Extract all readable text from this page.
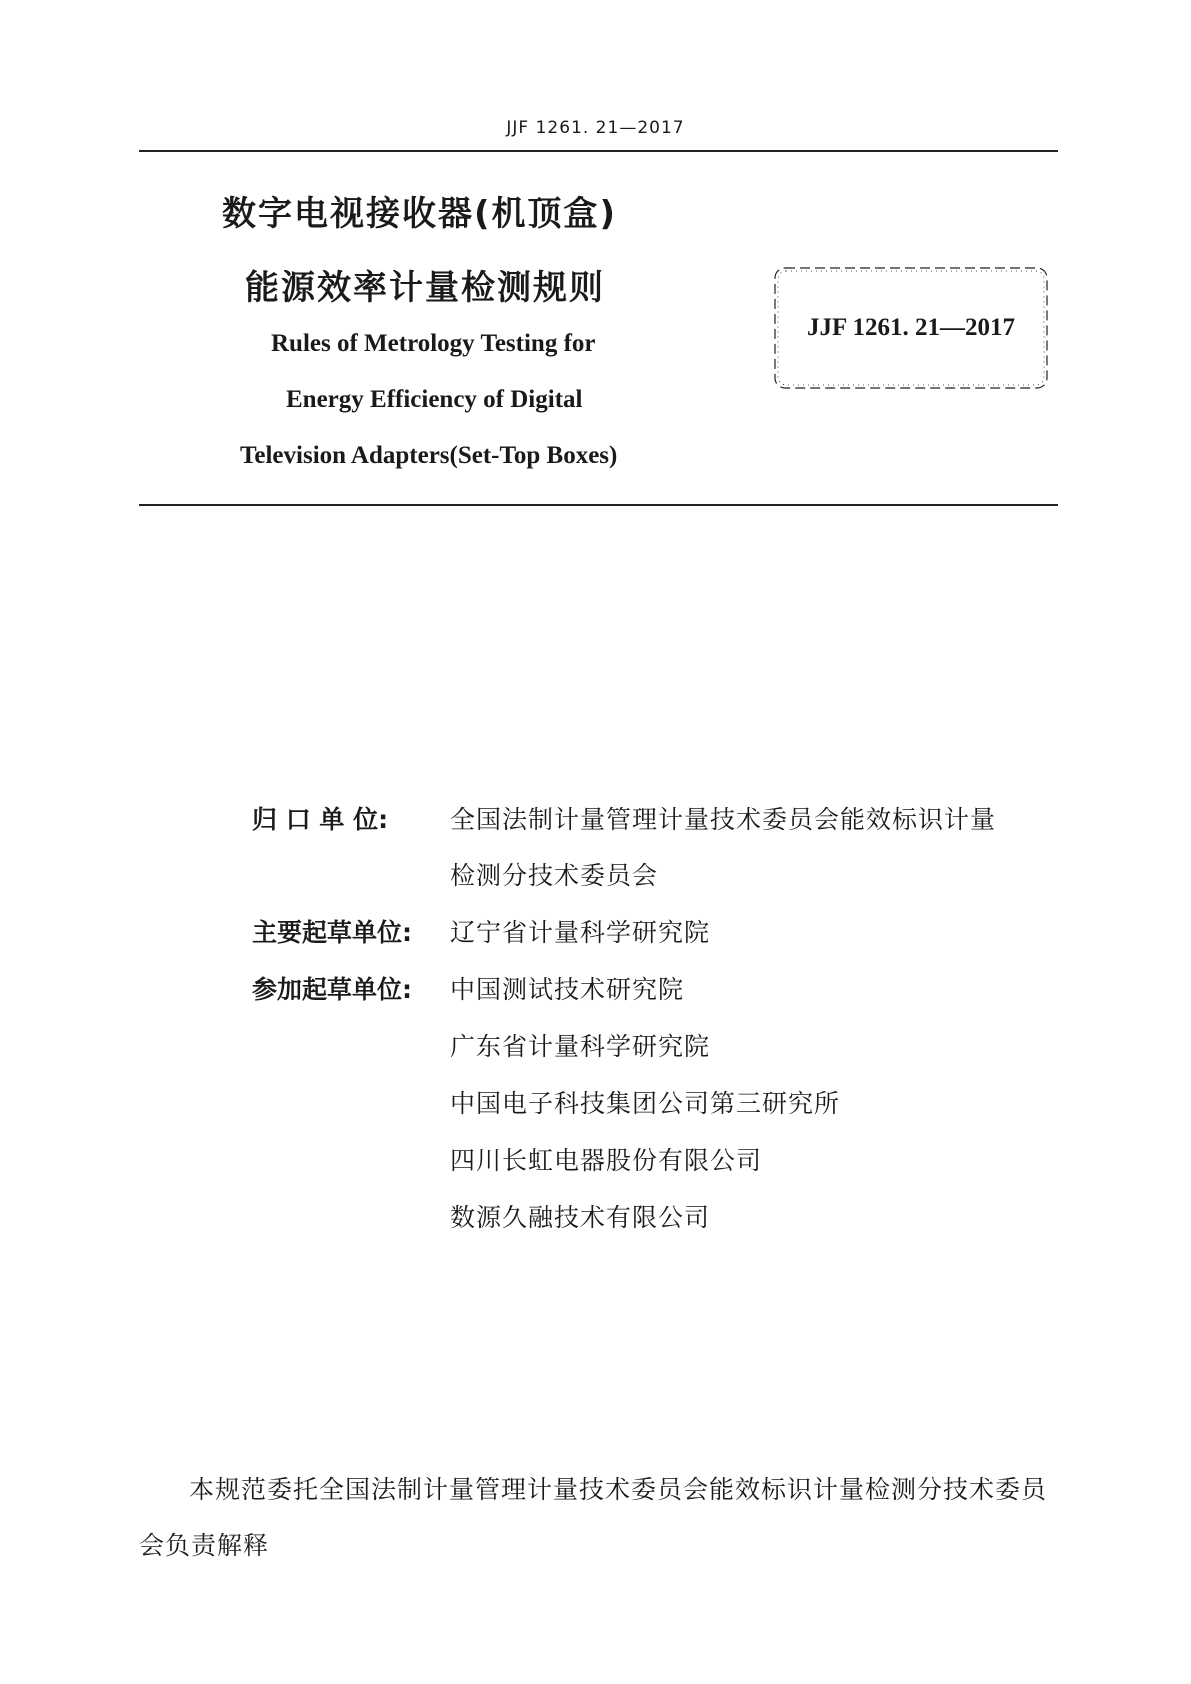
JJF 1261. 21—2017
数字电视接收器(机顶盒)
能源效率计量检测规则
Rules of Metrology Testing for
Energy Efficiency of Digital
Television Adapters(Set-Top Boxes)
JJF 1261. 21—2017
归 口 单 位: 全国法制计量管理计量技术委员会能效标识计量
检测分技术委员会
主要起草单位: 辽宁省计量科学研究院
参加起草单位: 中国测试技术研究院
广东省计量科学研究院
中国电子科技集团公司第三研究所
四川长虹电器股份有限公司
数源久融技术有限公司
本规范委托全国法制计量管理计量技术委员会能效标识计量检测分技术委员会负责解释
